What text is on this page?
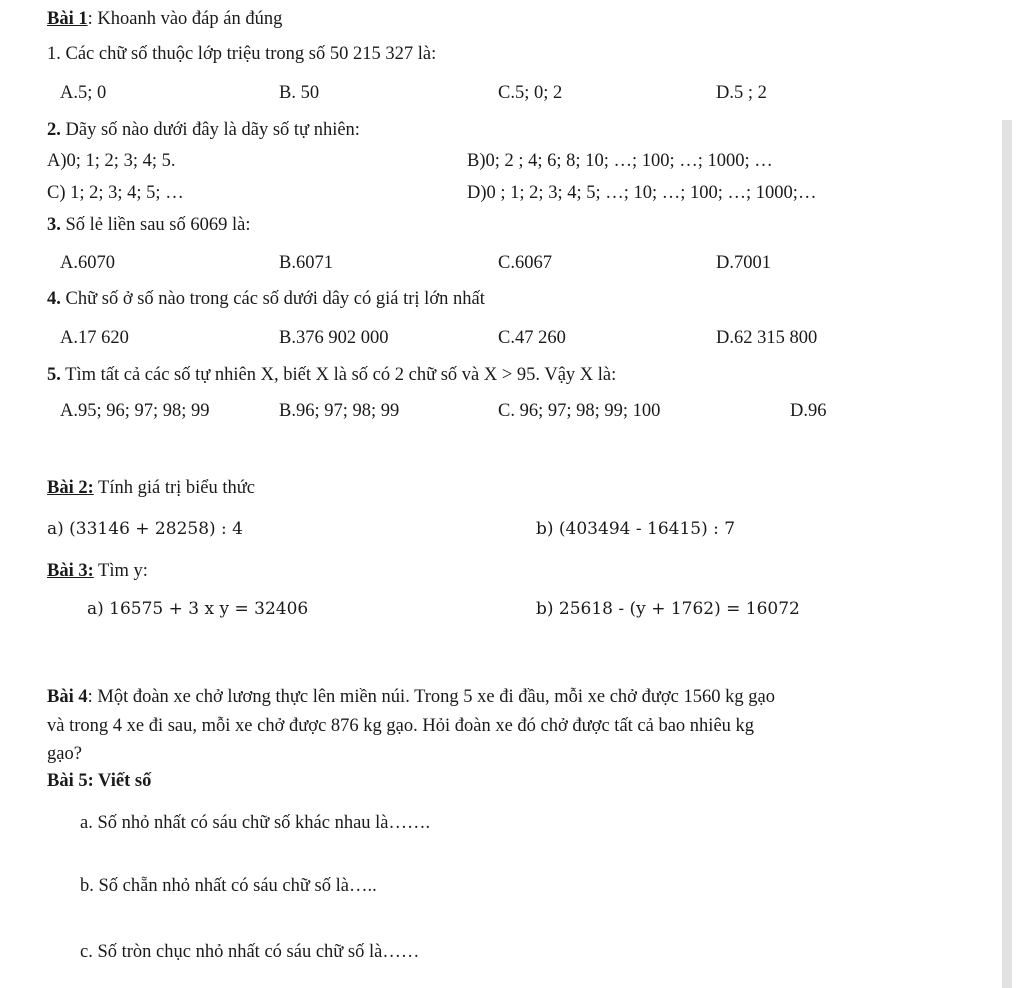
Bài 1: Khoanh vào đáp án đúng
1. Các chữ số thuộc lớp triệu trong số 50 215 327 là:
A.5; 0	B. 50	C.5; 0; 2	D.5 ; 2
2. Dãy số nào dưới đây là dãy số tự nhiên:
A)0; 1; 2; 3; 4; 5.	B)0; 2 ; 4; 6; 8; 10; …; 100; …; 1000; …
C) 1; 2; 3; 4; 5; …	D)0 ; 1; 2; 3; 4; 5; …; 10; …; 100; …; 1000;…
3. Số lẻ liền sau số 6069 là:
A.6070	B.6071	C.6067	D.7001
4. Chữ số ở số nào trong các số dưới dây có giá trị lớn nhất
A.17 620	B.376 902 000	C.47 260	D.62 315 800
5. Tìm tất cả các số tự nhiên X, biết X là số có 2 chữ số và X > 95. Vậy X là:
A.95; 96; 97; 98; 99	B.96; 97; 98; 99	C. 96; 97; 98; 99; 100	D.96
Bài 2: Tính giá trị biểu thức
a) (33146 + 28258) : 4	b) (403494 - 16415) : 7
Bài 3: Tìm y:
a) 16575 + 3 x y = 32406	b) 25618 - (y + 1762) = 16072
Bài 4: Một đoàn xe chở lương thực lên miền núi. Trong 5 xe đi đầu, mỗi xe chở được 1560 kg gạo
và trong 4 xe đi sau, mỗi xe chở được 876 kg gạo. Hỏi đoàn xe đó chở được tất cả bao nhiêu kg
gạo?
Bài 5: Viết số
a. Số nhỏ nhất có sáu chữ số khác nhau là…….
b. Số chẵn nhỏ nhất có sáu chữ số là…..
c. Số tròn chục nhỏ nhất có sáu chữ số là……
